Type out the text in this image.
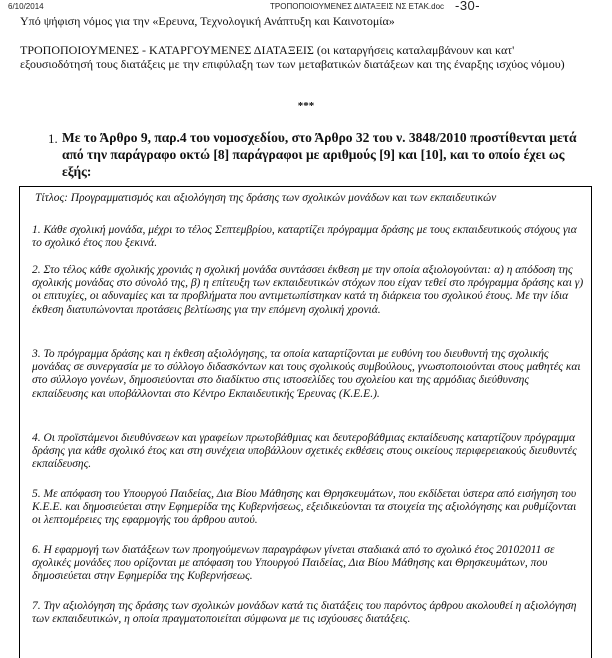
6/10/2014	ΤΡΟΠΟΠΟΙΟΥΜΕΝΕΣ ΔΙΑΤΑΞΕΙΣ ΝΣ ΕΤΑΚ.doc -30-
Υπό ψήφιση νόμος για την «Ερευνα, Τεχνολογική Ανάπτυξη και Καινοτομία»
ΤΡΟΠΟΠΟΙΟΥΜΕΝΕΣ - ΚΑΤΑΡΓΟΥΜΕΝΕΣ ΔΙΑΤΑΞΕΙΣ (οι καταργήσεις καταλαμβάνουν και κατ' εξουσιοδότησή τους διατάξεις με την επιφύλαξη των των μεταβατικών διατάξεων και της έναρξης ισχύος νόμου)
***
1. Με το Άρθρο 9, παρ.4 του νομοσχεδίου, στο Άρθρο 32 του ν. 3848/2010 προστίθενται μετά από την παράγραφο οκτώ [8] παράγραφοι με αριθμούς [9] και [10], και το οποίο έχει ως εξής:
Τίτλος: Προγραμματισμός και αξιολόγηση της δράσης των σχολικών μονάδων και των εκπαιδευτικών

1. Κάθε σχολική μονάδα, μέχρι το τέλος Σεπτεμβρίου, καταρτίζει πρόγραμμα δράσης με τους εκπαιδευτικούς στόχους για το σχολικό έτος που ξεκινά.

2. Στο τέλος κάθε σχολικής χρονιάς η σχολική μονάδα συντάσσει έκθεση με την οποία αξιολογούνται: α) η απόδοση της σχολικής μονάδας στο σύνολό της, β) η επίτευξη των εκπαιδευτικών στόχων που είχαν τεθεί στο πρόγραμμα δράσης και γ) οι επιτυχίες, οι αδυναμίες και τα προβλήματα που αντιμετωπίστηκαν κατά τη διάρκεια του σχολικού έτους. Με την ίδια έκθεση διατυπώνονται προτάσεις βελτίωσης για την επόμενη σχολική χρονιά.

3. Το πρόγραμμα δράσης και η έκθεση αξιολόγησης, τα οποία καταρτίζονται με ευθύνη του διευθυντή της σχολικής μονάδας σε συνεργασία με το σύλλογο διδασκόντων και τους σχολικούς συμβούλους, γνωστοποιούνται στους μαθητές και στο σύλλογο γονέων, δημοσιεύονται στο διαδίκτυο στις ιστοσελίδες του σχολείου και της αρμόδιας διεύθυνσης εκπαίδευσης και υποβάλλονται στο Κέντρο Εκπαιδευτικής Έρευνας (Κ.Ε.Ε.).

4. Οι προϊστάμενοι διευθύνσεων και γραφείων πρωτοβάθμιας και δευτεροβάθμιας εκπαίδευσης καταρτίζουν πρόγραμμα δράσης για κάθε σχολικό έτος και στη συνέχεια υποβάλλουν σχετικές εκθέσεις στους οικείους περιφερειακούς διευθυντές εκπαίδευσης.

5. Με απόφαση του Υπουργού Παιδείας, Δια Βίου Μάθησης και Θρησκευμάτων, που εκδίδεται ύστερα από εισήγηση του Κ.Ε.Ε. και δημοσιεύεται στην Εφημερίδα της Κυβερνήσεως, εξειδικεύονται τα στοιχεία της αξιολόγησης και ρυθμίζονται οι λεπτομέρειες της εφαρμογής του άρθρου αυτού.

6. Η εφαρμογή των διατάξεων των προηγούμενων παραγράφων γίνεται σταδιακά από το σχολικό έτος 20102011 σε σχολικές μονάδες που ορίζονται με απόφαση του Υπουργού Παιδείας, Δια Βίου Μάθησης και Θρησκευμάτων, που δημοσιεύεται στην Εφημερίδα της Κυβερνήσεως.

7. Την αξιολόγηση της δράσης των σχολικών μονάδων κατά τις διατάξεις του παρόντος άρθρου ακολουθεί η αξιολόγηση των εκπαιδευτικών, η οποία πραγματοποιείται σύμφωνα με τις ισχύουσες διατάξεις.
